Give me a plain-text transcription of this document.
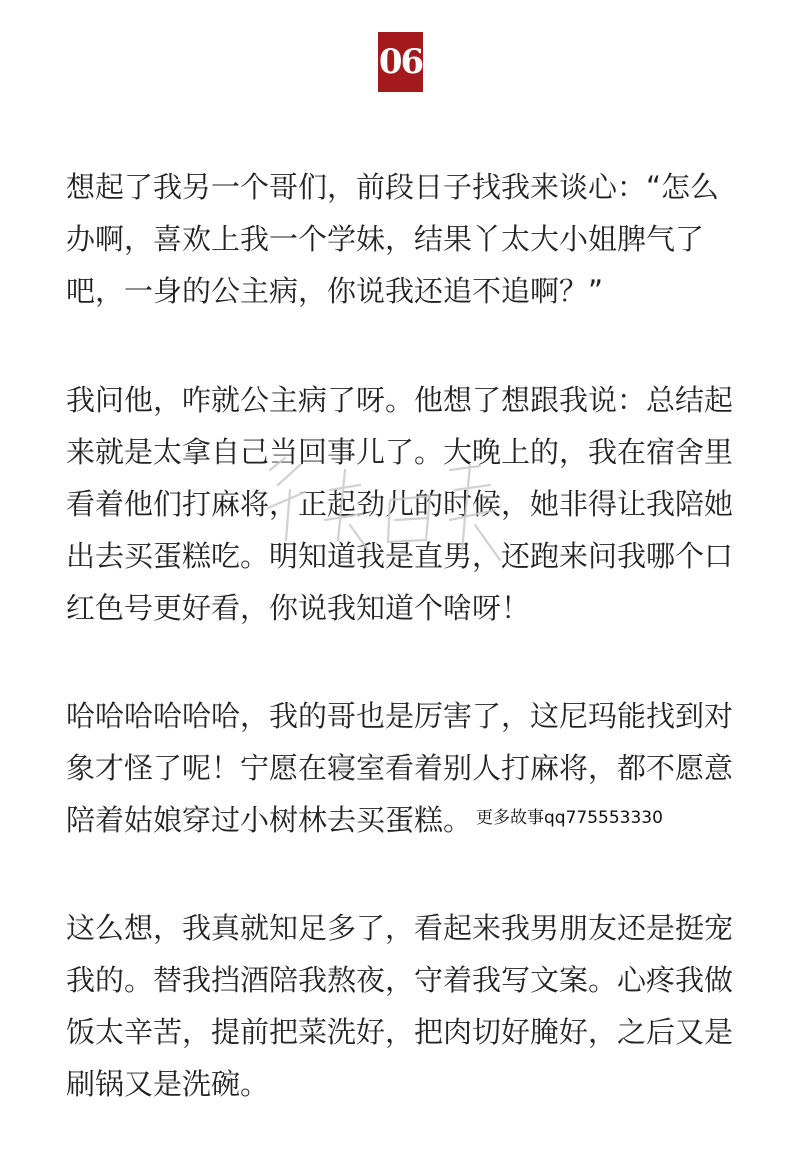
06

想起了我另一个哥们，前段日子找我来谈心：“怎么办啊，喜欢上我一个学妹，结果丫太大小姐脾气了吧，一身的公主病，你说我还追不追啊？”

我问他，咋就公主病了呀。他想了想跟我说：总结起来就是太拿自己当回事儿了。大晚上的，我在宿舍里看着他们打麻将，正起劲儿的时候，她非得让我陪她出去买蛋糕吃。明知道我是直男，还跑来问我哪个口红色号更好看，你说我知道个啥呀！

哈哈哈哈哈哈，我的哥也是厉害了，这尼玛能找到对象才怪了呢！宁愿在寝室看着别人打麻将，都不愿意陪着姑娘穿过小树林去买蛋糕。 更多故事qq775553330

这么想，我真就知足多了，看起来我男朋友还是挺宠我的。替我挡酒陪我熬夜，守着我写文案。心疼我做饭太辛苦，提前把菜洗好，把肉切好腌好，之后又是刷锅又是洗碗。
